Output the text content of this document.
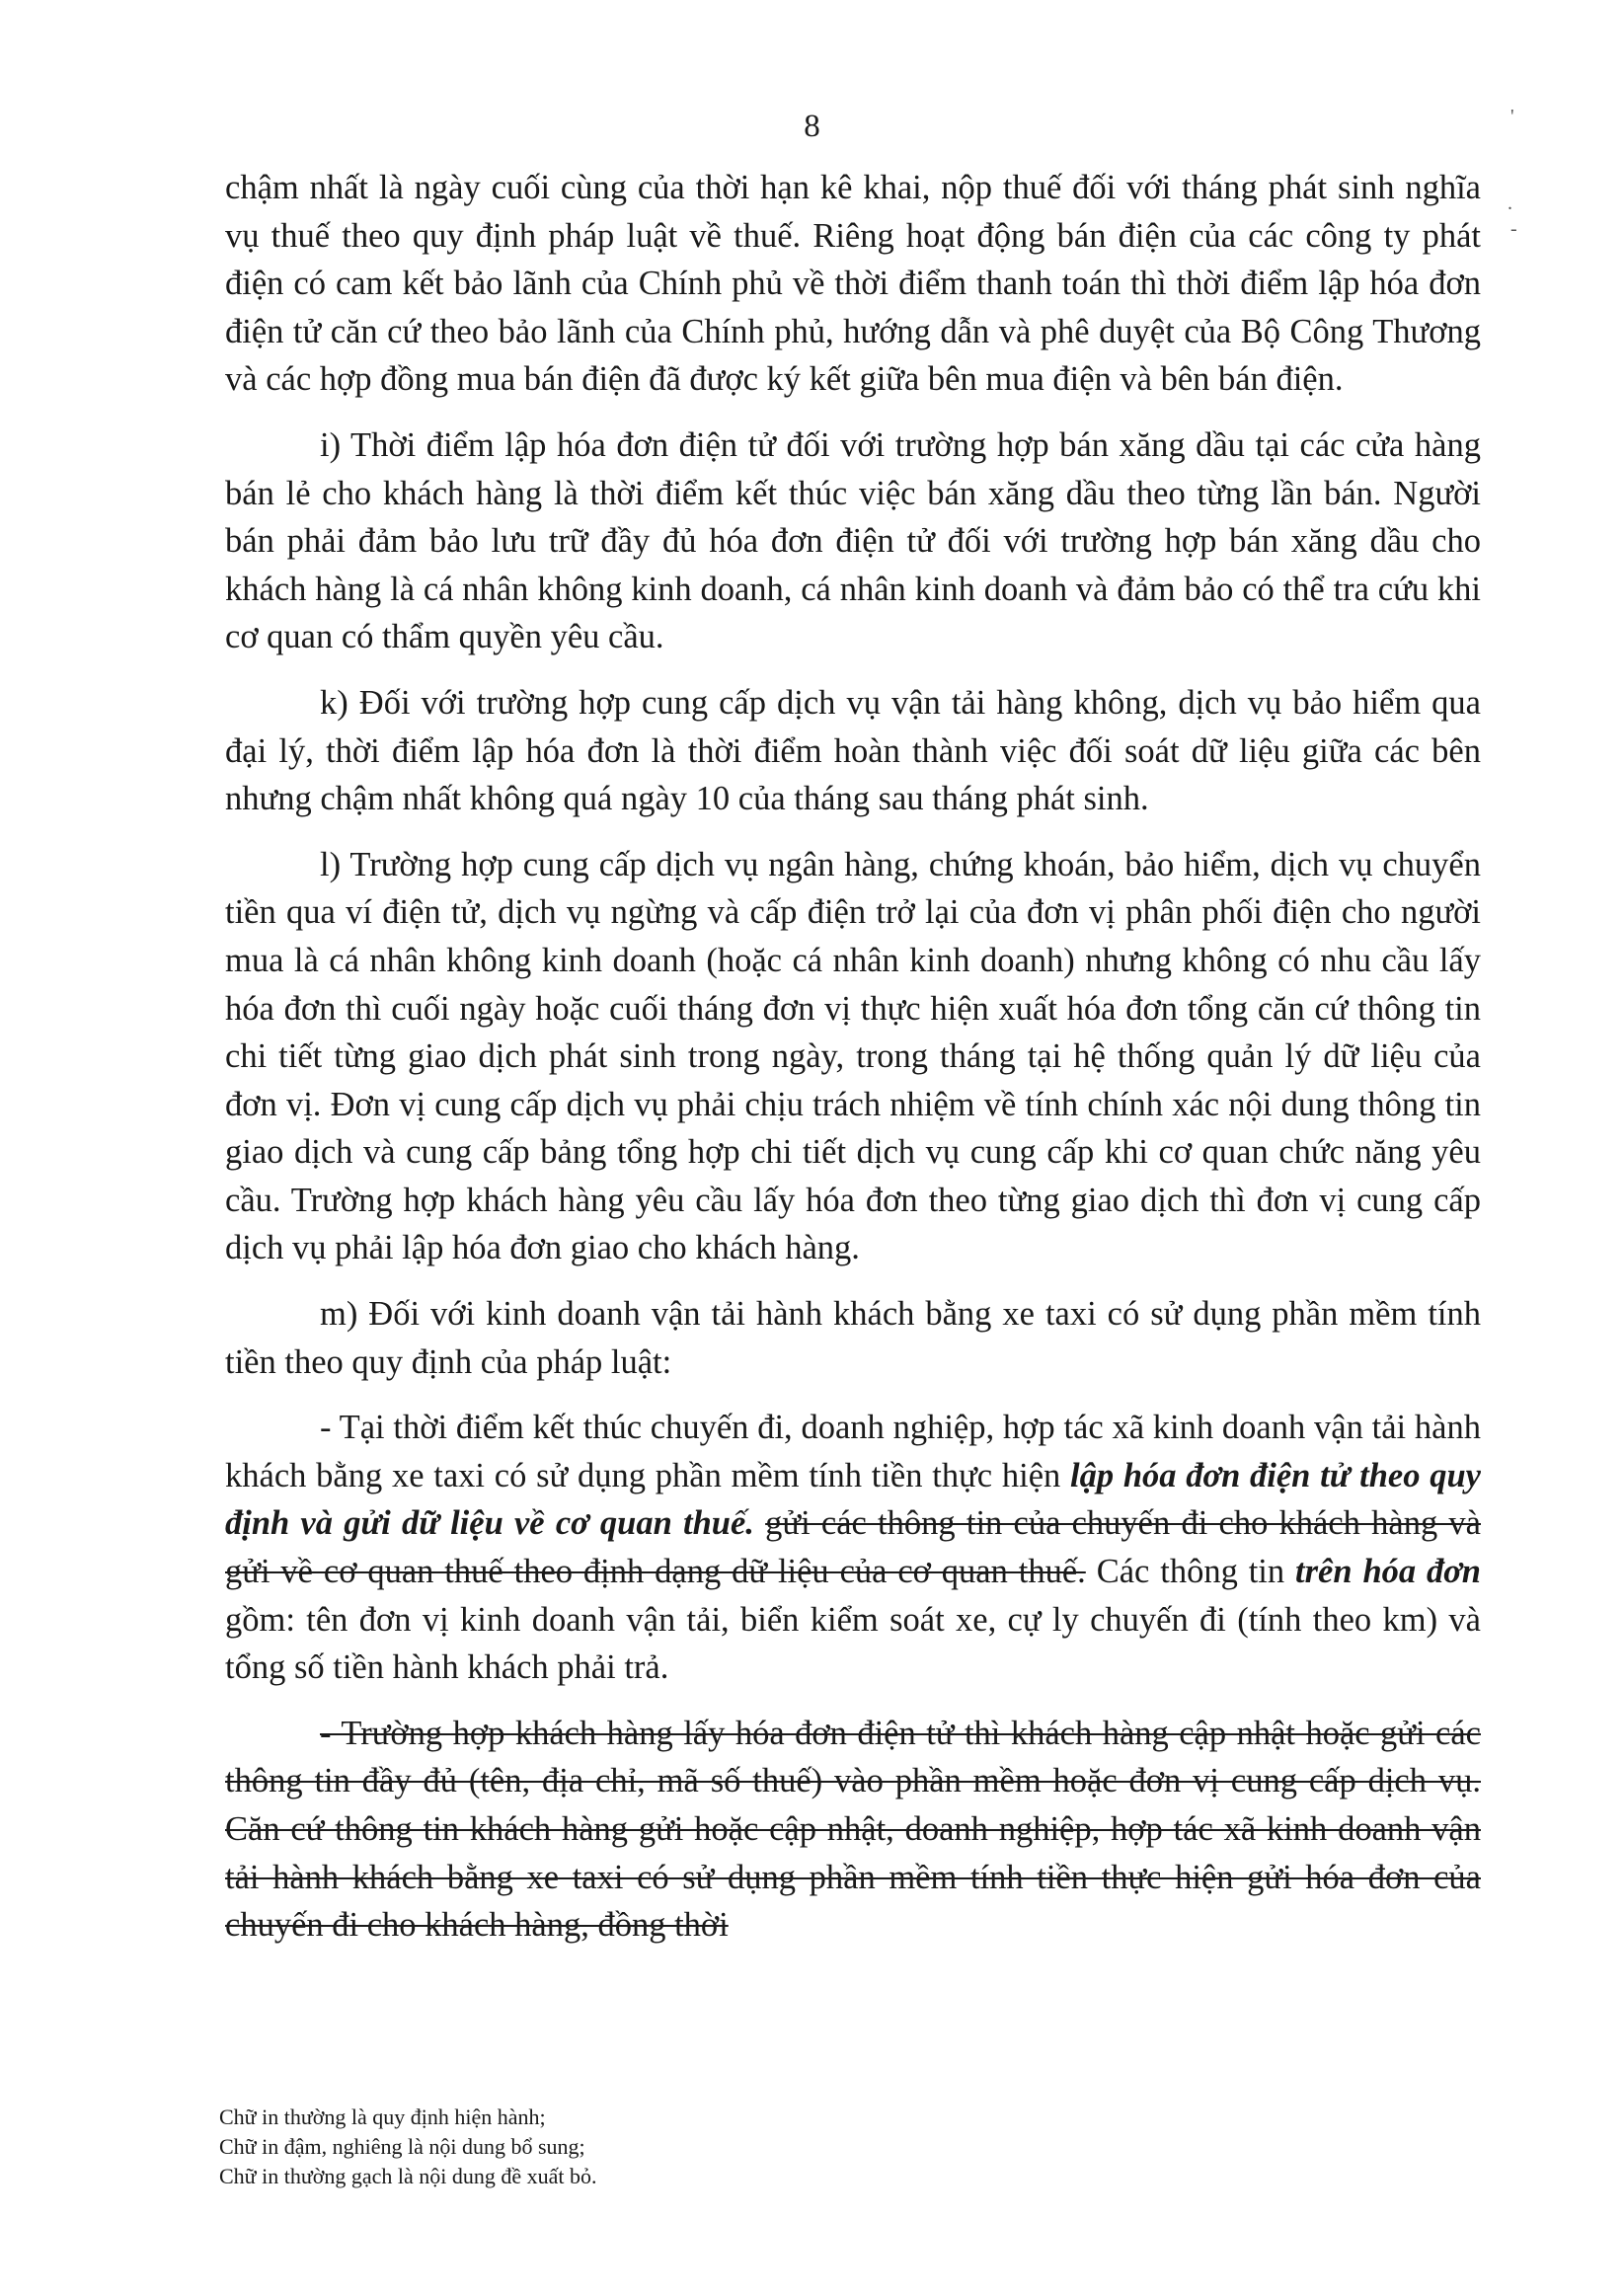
8	'
.
-

chậm nhất là ngày cuối cùng của thời hạn kê khai, nộp thuế đối với tháng phát sinh nghĩa vụ thuế theo quy định pháp luật về thuế. Riêng hoạt động bán điện của các công ty phát điện có cam kết bảo lãnh của Chính phủ về thời điểm thanh toán thì thời điểm lập hóa đơn điện tử căn cứ theo bảo lãnh của Chính phủ, hướng dẫn và phê duyệt của Bộ Công Thương và các hợp đồng mua bán điện đã được ký kết giữa bên mua điện và bên bán điện.

i) Thời điểm lập hóa đơn điện tử đối với trường hợp bán xăng dầu tại các cửa hàng bán lẻ cho khách hàng là thời điểm kết thúc việc bán xăng dầu theo từng lần bán. Người bán phải đảm bảo lưu trữ đầy đủ hóa đơn điện tử đối với trường hợp bán xăng dầu cho khách hàng là cá nhân không kinh doanh, cá nhân kinh doanh và đảm bảo có thể tra cứu khi cơ quan có thẩm quyền yêu cầu.

k) Đối với trường hợp cung cấp dịch vụ vận tải hàng không, dịch vụ bảo hiểm qua đại lý, thời điểm lập hóa đơn là thời điểm hoàn thành việc đối soát dữ liệu giữa các bên nhưng chậm nhất không quá ngày 10 của tháng sau tháng phát sinh.

l) Trường hợp cung cấp dịch vụ ngân hàng, chứng khoán, bảo hiểm, dịch vụ chuyển tiền qua ví điện tử, dịch vụ ngừng và cấp điện trở lại của đơn vị phân phối điện cho người mua là cá nhân không kinh doanh (hoặc cá nhân kinh doanh) nhưng không có nhu cầu lấy hóa đơn thì cuối ngày hoặc cuối tháng đơn vị thực hiện xuất hóa đơn tổng căn cứ thông tin chi tiết từng giao dịch phát sinh trong ngày, trong tháng tại hệ thống quản lý dữ liệu của đơn vị. Đơn vị cung cấp dịch vụ phải chịu trách nhiệm về tính chính xác nội dung thông tin giao dịch và cung cấp bảng tổng hợp chi tiết dịch vụ cung cấp khi cơ quan chức năng yêu cầu. Trường hợp khách hàng yêu cầu lấy hóa đơn theo từng giao dịch thì đơn vị cung cấp dịch vụ phải lập hóa đơn giao cho khách hàng.

m) Đối với kinh doanh vận tải hành khách bằng xe taxi có sử dụng phần mềm tính tiền theo quy định của pháp luật:

- Tại thời điểm kết thúc chuyến đi, doanh nghiệp, hợp tác xã kinh doanh vận tải hành khách bằng xe taxi có sử dụng phần mềm tính tiền thực hiện lập hóa đơn điện tử theo quy định và gửi dữ liệu về cơ quan thuế. gửi các thông tin của chuyến đi cho khách hàng và gửi về cơ quan thuế theo định dạng dữ liệu của cơ quan thuế. Các thông tin trên hóa đơn gồm: tên đơn vị kinh doanh vận tải, biển kiểm soát xe, cự ly chuyến đi (tính theo km) và tổng số tiền hành khách phải trả.

- Trường hợp khách hàng lấy hóa đơn điện tử thì khách hàng cập nhật hoặc gửi các thông tin đầy đủ (tên, địa chỉ, mã số thuế) vào phần mềm hoặc đơn vị cung cấp dịch vụ. Căn cứ thông tin khách hàng gửi hoặc cập nhật, doanh nghiệp, hợp tác xã kinh doanh vận tải hành khách bằng xe taxi có sử dụng phần mềm tính tiền thực hiện gửi hóa đơn của chuyến đi cho khách hàng, đồng thời

Chữ in thường là quy định hiện hành;
Chữ in đậm, nghiêng là nội dung bổ sung;
Chữ in thường gạch là nội dung đề xuất bỏ.
